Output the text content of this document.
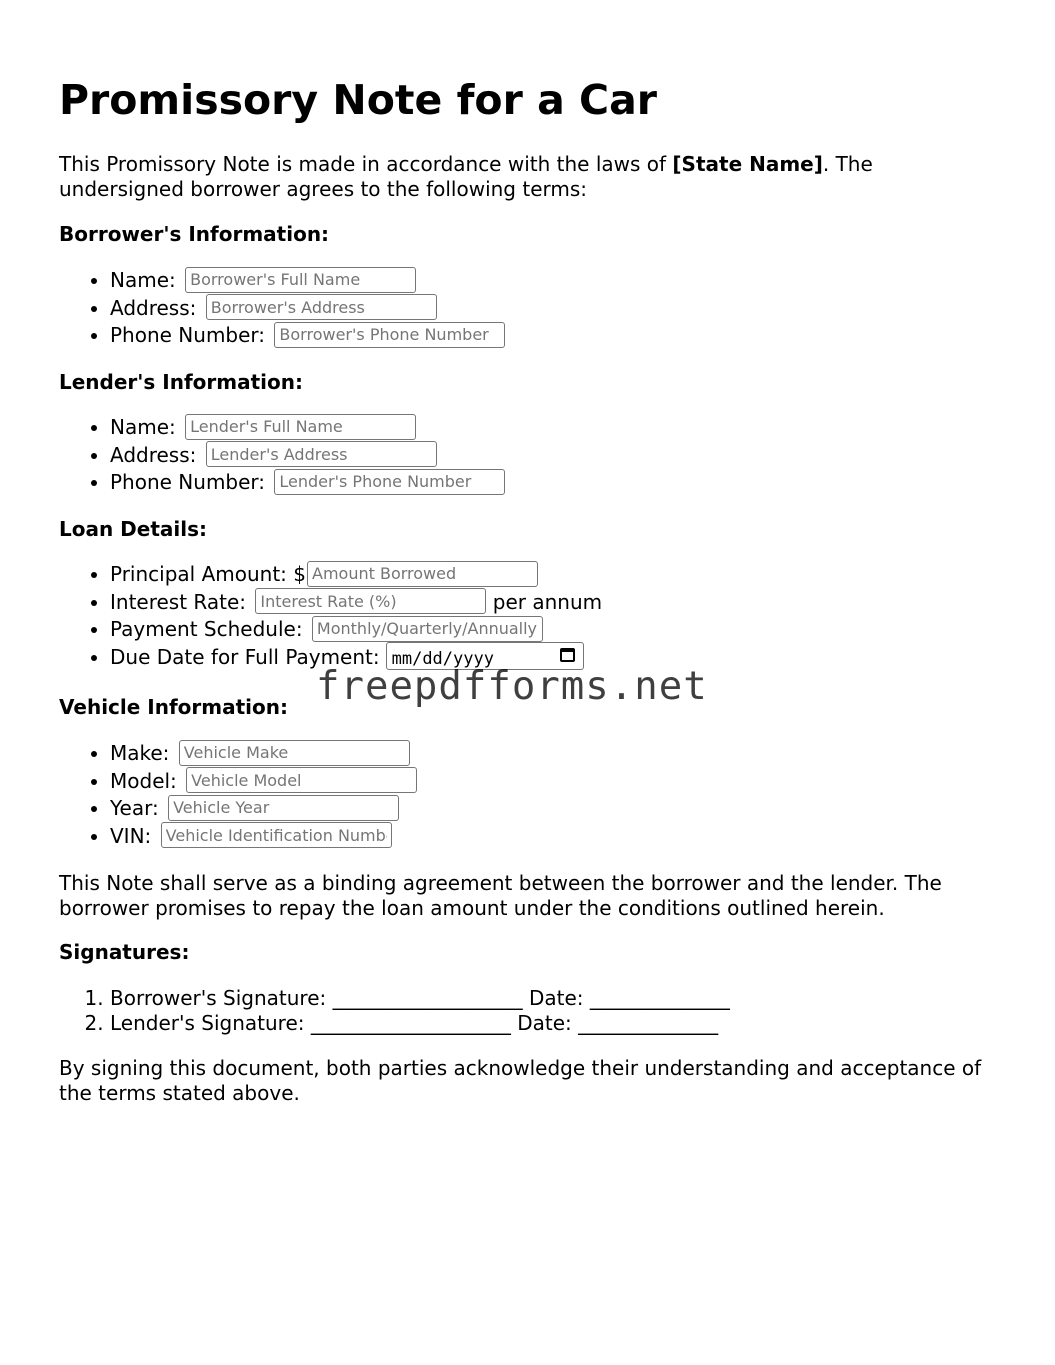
Promissory Note for a Car

This Promissory Note is made in accordance with the laws of [State Name]. The undersigned borrower agrees to the following terms:

Borrower's Information:

• Name: Borrower's Full Name
• Address: Borrower's Address
• Phone Number: Borrower's Phone Number

Lender's Information:

• Name: Lender's Full Name
• Address: Lender's Address
• Phone Number: Lender's Phone Number

Loan Details:

• Principal Amount: $Amount Borrowed
• Interest Rate: Interest Rate (%)	per annum
• Payment Schedule: Monthly/Quarterly/Annually
• Due Date for Full Payment: mm/dd/yyyy

Vehicle Information:

• Make: Vehicle Make
• Model: Vehicle Model
• Year: Vehicle Year
• VIN: Vehicle Identification Number

This Note shall serve as a binding agreement between the borrower and the lender. The borrower promises to repay the loan amount under the conditions outlined herein.

Signatures:

1. Borrower's Signature: ___________________ Date: ______________
2. Lender's Signature: ____________________ Date: ______________

By signing this document, both parties acknowledge their understanding and acceptance of the terms stated above.

freepdfforms.net
